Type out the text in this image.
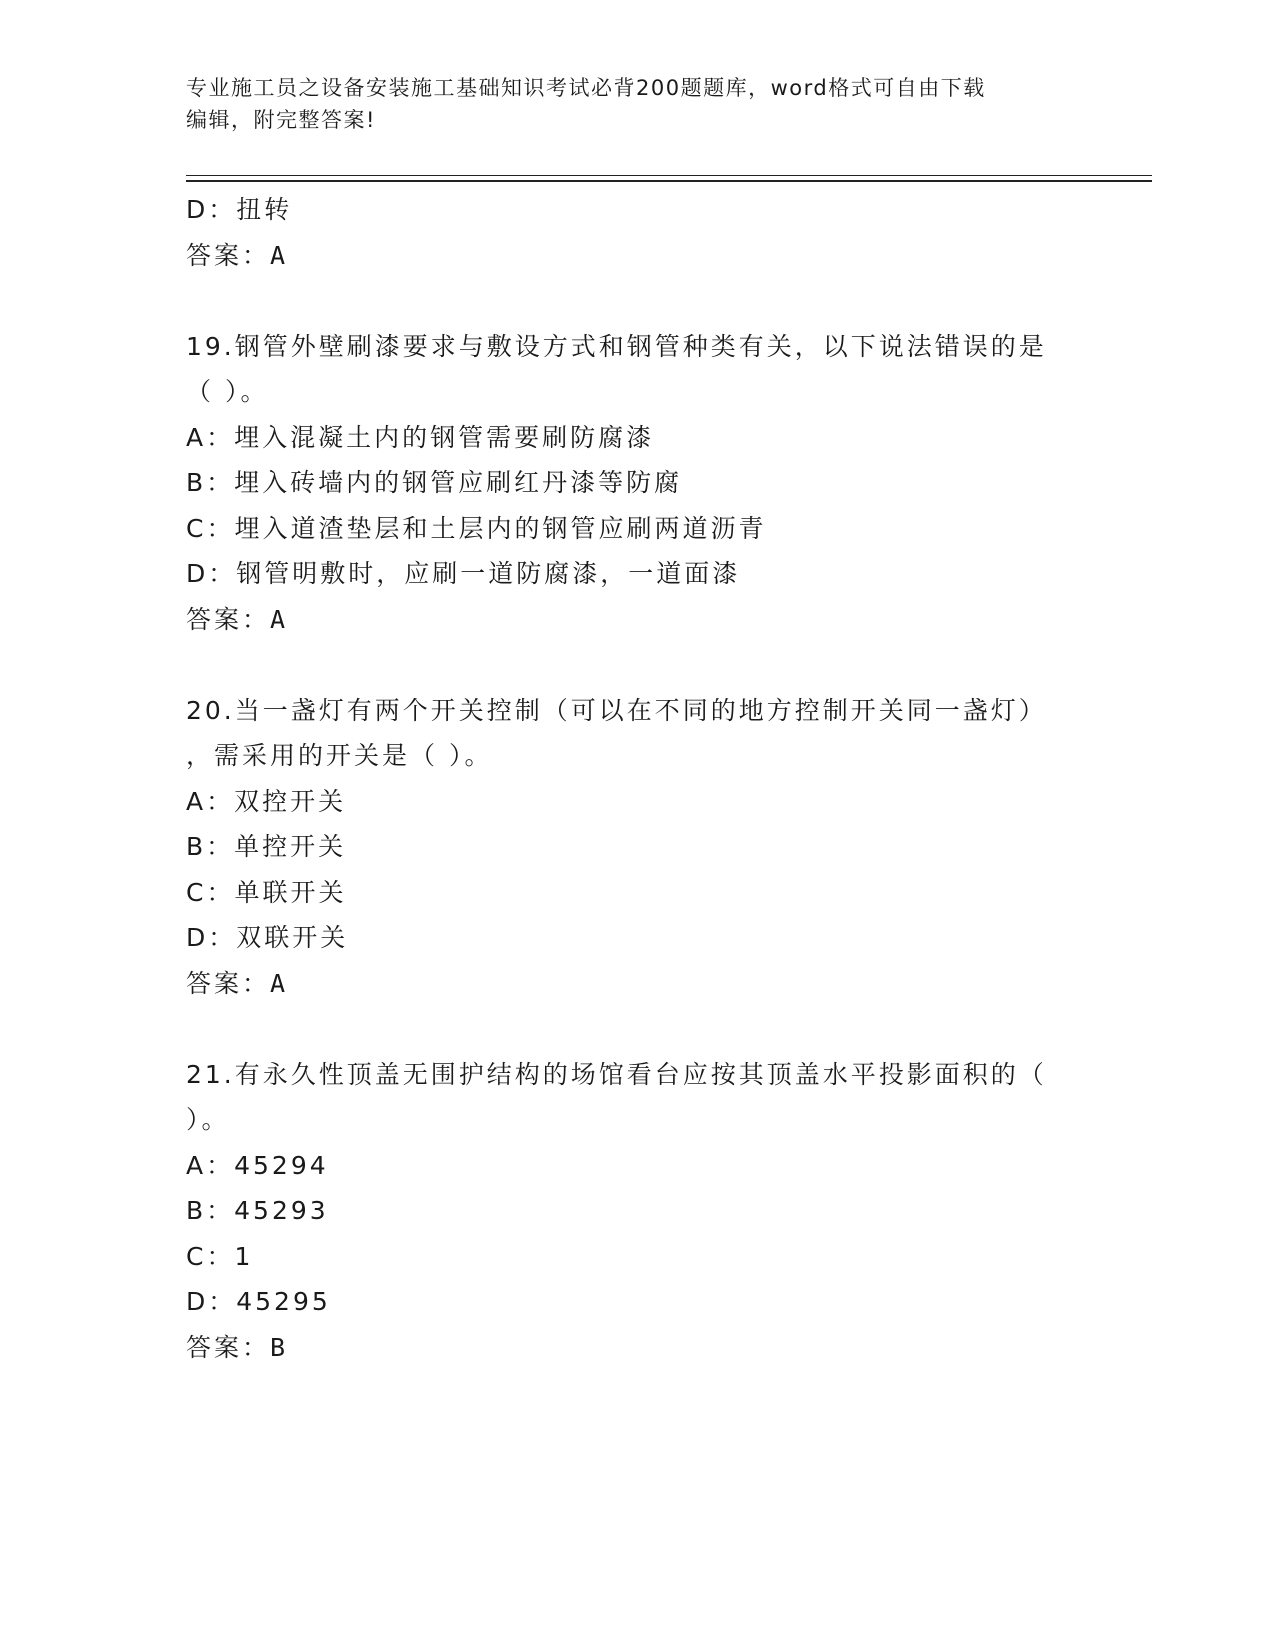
专业施工员之设备安装施工基础知识考试必背200题题库，word格式可自由下载
编辑，附完整答案!
D：扭转
答案：A
19.钢管外壁刷漆要求与敷设方式和钢管种类有关，以下说法错误的是
（ ）。
A：埋入混凝土内的钢管需要刷防腐漆
B：埋入砖墙内的钢管应刷红丹漆等防腐
C：埋入道渣垫层和土层内的钢管应刷两道沥青
D：钢管明敷时，应刷一道防腐漆，一道面漆
答案：A
20.当一盏灯有两个开关控制（可以在不同的地方控制开关同一盏灯）
，需采用的开关是（ ）。
A：双控开关
B：单控开关
C：单联开关
D：双联开关
答案：A
21.有永久性顶盖无围护结构的场馆看台应按其顶盖水平投影面积的（
）。
A：45294
B：45293
C：1
D：45295
答案：B
